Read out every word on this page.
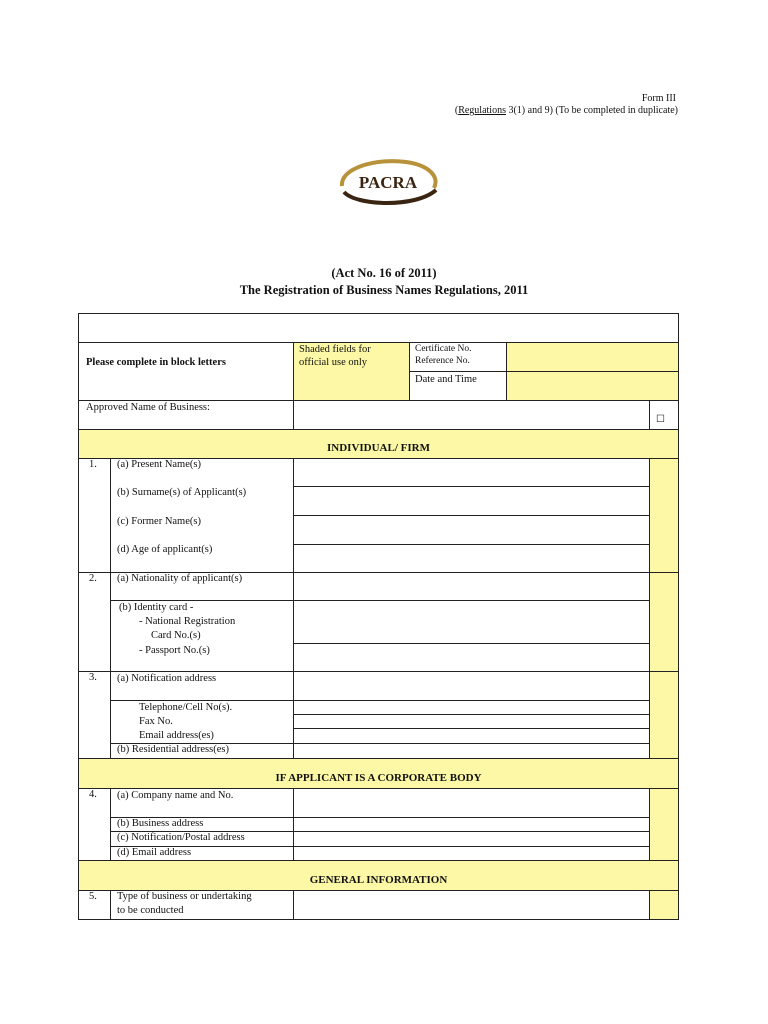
Form III
(Regulations 3(1) and 9) (To be completed in duplicate)
PACRA
(Act No. 16 of 2011)
The Registration of Business Names Regulations, 2011
Please complete in block letters
Shaded fields for
official use only
Certificate No.
Reference No.
Date and Time
Approved Name of Business:
☐
INDIVIDUAL/ FIRM
1. (a) Present Name(s)
(b) Surname(s) of Applicant(s)
(c) Former Name(s)
(d) Age of applicant(s)
2. (a) Nationality of applicant(s)
(b) Identity card -
- National Registration
Card No.(s)
- Passport No.(s)
3. (a) Notification address
Telephone/Cell No(s).
Fax No.
Email address(es)
(b) Residential address(es)
IF APPLICANT IS A CORPORATE BODY
4. (a) Company name and No.
(b) Business address
(c) Notification/Postal address
(d) Email address
GENERAL INFORMATION
5. Type of business or undertaking
to be conducted
